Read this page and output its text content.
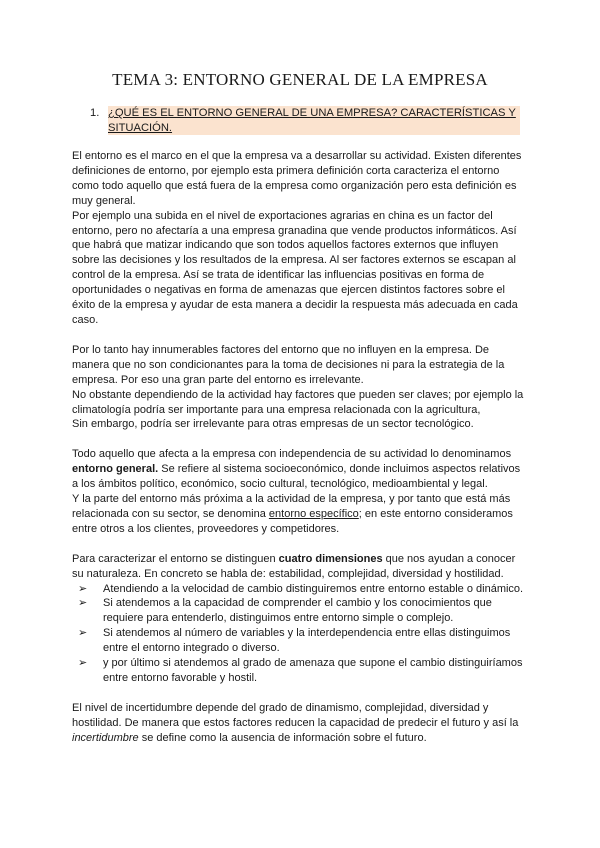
TEMA 3: ENTORNO GENERAL DE LA EMPRESA
1. ¿QUÉ ES EL ENTORNO GENERAL DE UNA EMPRESA? CARACTERÍSTICAS Y SITUACIÓN.

El entorno es el marco en el que la empresa va a desarrollar su actividad. Existen diferentes definiciones de entorno, por ejemplo esta primera definición corta caracteriza el entorno como todo aquello que está fuera de la empresa como organización pero esta definición es muy general.

Por ejemplo una subida en el nivel de exportaciones agrarias en china es un factor del entorno, pero no afectaría a una empresa granadina que vende productos informáticos. Así que habrá que matizar indicando que son todos aquellos factores externos que influyen sobre las decisiones y los resultados de la empresa. Al ser factores externos se escapan al control de la empresa. Así se trata de identificar las influencias positivas en forma de oportunidades o negativas en forma de amenazas que ejercen distintos factores sobre el éxito de la empresa y ayudar de esta manera a decidir la respuesta más adecuada en cada caso.

Por lo tanto hay innumerables factores del entorno que no influyen en la empresa. De manera que no son condicionantes para la toma de decisiones ni para la estrategia de la empresa. Por eso una gran parte del entorno es irrelevante.

No obstante dependiendo de la actividad hay factores que pueden ser claves; por ejemplo la climatología podría ser importante para una empresa relacionada con la agricultura,

Sin embargo, podría ser irrelevante para otras empresas de un sector tecnológico.

Todo aquello que afecta a la empresa con independencia de su actividad lo denominamos entorno general. Se refiere al sistema socioeconómico, donde incluimos aspectos relativos a los ámbitos político, económico, socio cultural, tecnológico, medioambiental y legal.

Y la parte del entorno más próxima a la actividad de la empresa, y por tanto que está más relacionada con su sector, se denomina entorno específico; en este entorno consideramos entre otros a los clientes, proveedores y competidores.

Para caracterizar el entorno se distinguen cuatro dimensiones que nos ayudan a conocer su naturaleza. En concreto se habla de: estabilidad, complejidad, diversidad y hostilidad.

➢ Atendiendo a la velocidad de cambio distinguiremos entre entorno estable o dinámico.
➢ Si atendemos a la capacidad de comprender el cambio y los conocimientos que requiere para entenderlo, distinguimos entre entorno simple o complejo.
➢ Si atendemos al número de variables y la interdependencia entre ellas distinguimos entre el entorno integrado o diverso.
➢ y por último si atendemos al grado de amenaza que supone el cambio distinguiríamos entre entorno favorable y hostil.

El nivel de incertidumbre depende del grado de dinamismo, complejidad, diversidad y hostilidad. De manera que estos factores reducen la capacidad de predecir el futuro y así la incertidumbre se define como la ausencia de información sobre el futuro.
